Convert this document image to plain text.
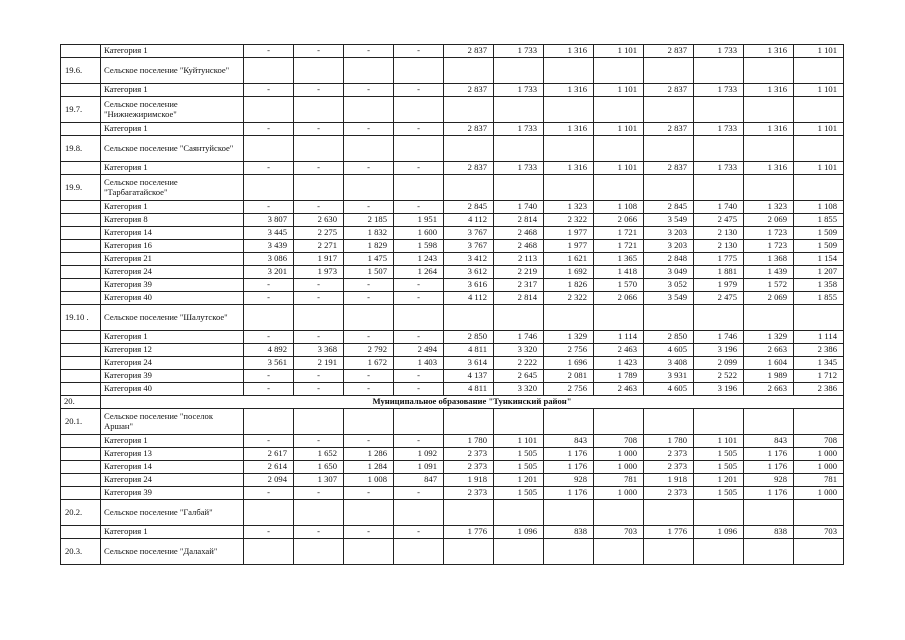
	Категория 1	-	-	-	-	2 837	1 733	1 316	1 101	2 837	1 733	1 316	1 101
19.6.	Сельское поселение "Куйтунское"												
	Категория 1	-	-	-	-	2 837	1 733	1 316	1 101	2 837	1 733	1 316	1 101
19.7.	Сельское поселение "Нижнежиримское"												
	Категория 1	-	-	-	-	2 837	1 733	1 316	1 101	2 837	1 733	1 316	1 101
19.8.	Сельское поселение "Саянтуйское"												
	Категория 1	-	-	-	-	2 837	1 733	1 316	1 101	2 837	1 733	1 316	1 101
19.9.	Сельское поселение "Тарбагатайское"												
	Категория 1	-	-	-	-	2 845	1 740	1 323	1 108	2 845	1 740	1 323	1 108
	Категория 8	3 807	2 630	2 185	1 951	4 112	2 814	2 322	2 066	3 549	2 475	2 069	1 855
	Категория 14	3 445	2 275	1 832	1 600	3 767	2 468	1 977	1 721	3 203	2 130	1 723	1 509
	Категория 16	3 439	2 271	1 829	1 598	3 767	2 468	1 977	1 721	3 203	2 130	1 723	1 509
	Категория 21	3 086	1 917	1 475	1 243	3 412	2 113	1 621	1 365	2 848	1 775	1 368	1 154
	Категория 24	3 201	1 973	1 507	1 264	3 612	2 219	1 692	1 418	3 049	1 881	1 439	1 207
	Категория 39	-	-	-	-	3 616	2 317	1 826	1 570	3 052	1 979	1 572	1 358
	Категория 40	-	-	-	-	4 112	2 814	2 322	2 066	3 549	2 475	2 069	1 855
19.10 .	Сельское поселение "Шалутское"												
	Категория 1	-	-	-	-	2 850	1 746	1 329	1 114	2 850	1 746	1 329	1 114
	Категория 12	4 892	3 368	2 792	2 494	4 811	3 320	2 756	2 463	4 605	3 196	2 663	2 386
	Категория 24	3 561	2 191	1 672	1 403	3 614	2 222	1 696	1 423	3 408	2 099	1 604	1 345
	Категория 39	-	-	-	-	4 137	2 645	2 081	1 789	3 931	2 522	1 989	1 712
	Категория 40	-	-	-	-	4 811	3 320	2 756	2 463	4 605	3 196	2 663	2 386
20.	Муниципальное образование "Тункинский район"												
20.1.	Сельское поселение "поселок Аршан"												
	Категория 1	-	-	-	-	1 780	1 101	843	708	1 780	1 101	843	708
	Категория 13	2 617	1 652	1 286	1 092	2 373	1 505	1 176	1 000	2 373	1 505	1 176	1 000
	Категория 14	2 614	1 650	1 284	1 091	2 373	1 505	1 176	1 000	2 373	1 505	1 176	1 000
	Категория 24	2 094	1 307	1 008	847	1 918	1 201	928	781	1 918	1 201	928	781
	Категория 39	-	-	-	-	2 373	1 505	1 176	1 000	2 373	1 505	1 176	1 000
20.2.	Сельское поселение "Галбай"												
	Категория 1	-	-	-	-	1 776	1 096	838	703	1 776	1 096	838	703
20.3.	Сельское поселение "Далахай"												
